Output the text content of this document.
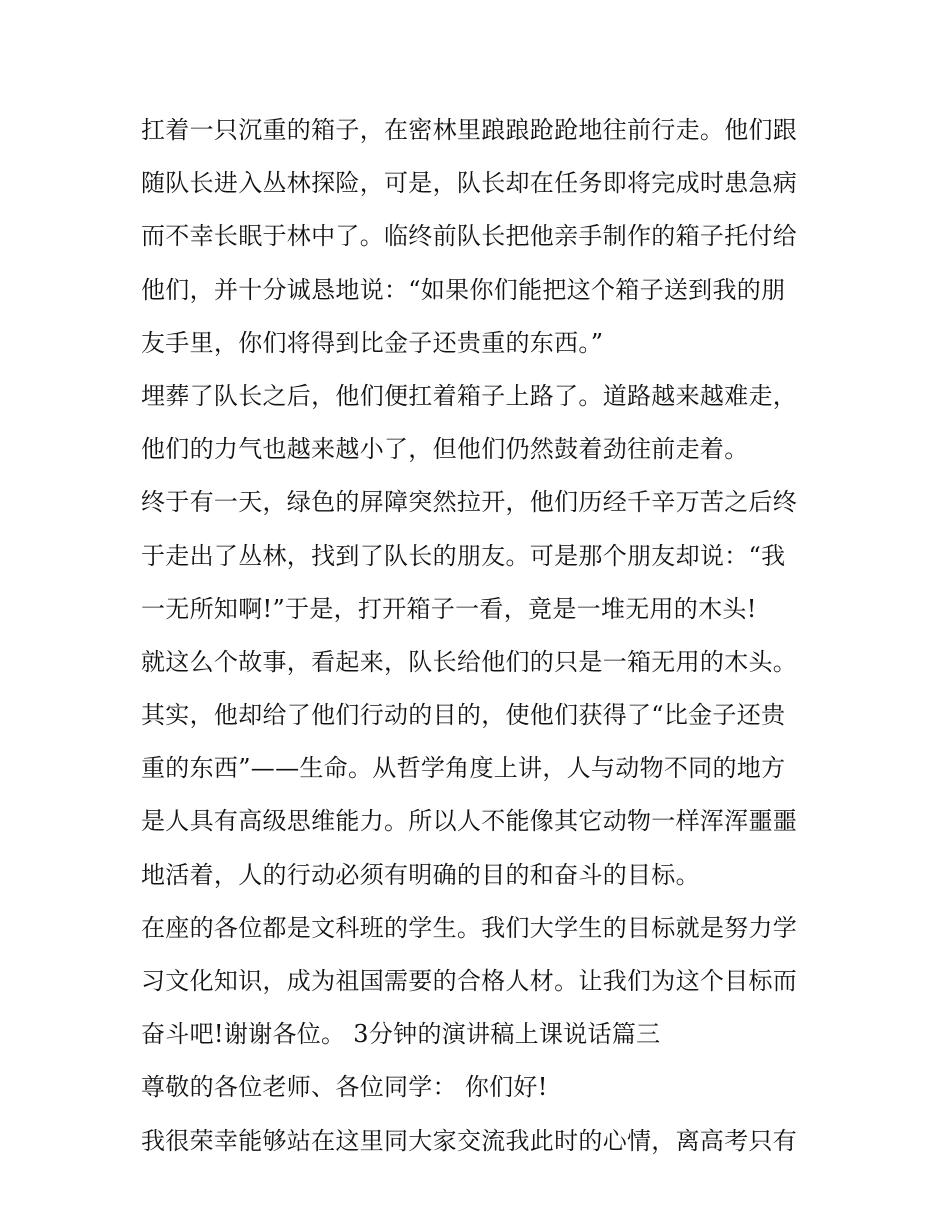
扛着一只沉重的箱子，在密林里踉踉跄跄地往前行走。他们跟
随队长进入丛林探险，可是，队长却在任务即将完成时患急病
而不幸长眠于林中了。临终前队长把他亲手制作的箱子托付给
他们，并十分诚恳地说：“如果你们能把这个箱子送到我的朋
友手里，你们将得到比金子还贵重的东西。”
埋葬了队长之后，他们便扛着箱子上路了。道路越来越难走，
他们的力气也越来越小了，但他们仍然鼓着劲往前走着。
终于有一天，绿色的屏障突然拉开，他们历经千辛万苦之后终
于走出了丛林，找到了队长的朋友。可是那个朋友却说：“我
一无所知啊!”于是，打开箱子一看，竟是一堆无用的木头!
就这么个故事，看起来，队长给他们的只是一箱无用的木头。
其实，他却给了他们行动的目的，使他们获得了“比金子还贵
重的东西”——生命。从哲学角度上讲，人与动物不同的地方
是人具有高级思维能力。所以人不能像其它动物一样浑浑噩噩
地活着，人的行动必须有明确的目的和奋斗的目标。
在座的各位都是文科班的学生。我们大学生的目标就是努力学
习文化知识，成为祖国需要的合格人材。让我们为这个目标而
奋斗吧!谢谢各位。 3分钟的演讲稿上课说话篇三
尊敬的各位老师、各位同学： 你们好!
我很荣幸能够站在这里同大家交流我此时的心情，离高考只有
